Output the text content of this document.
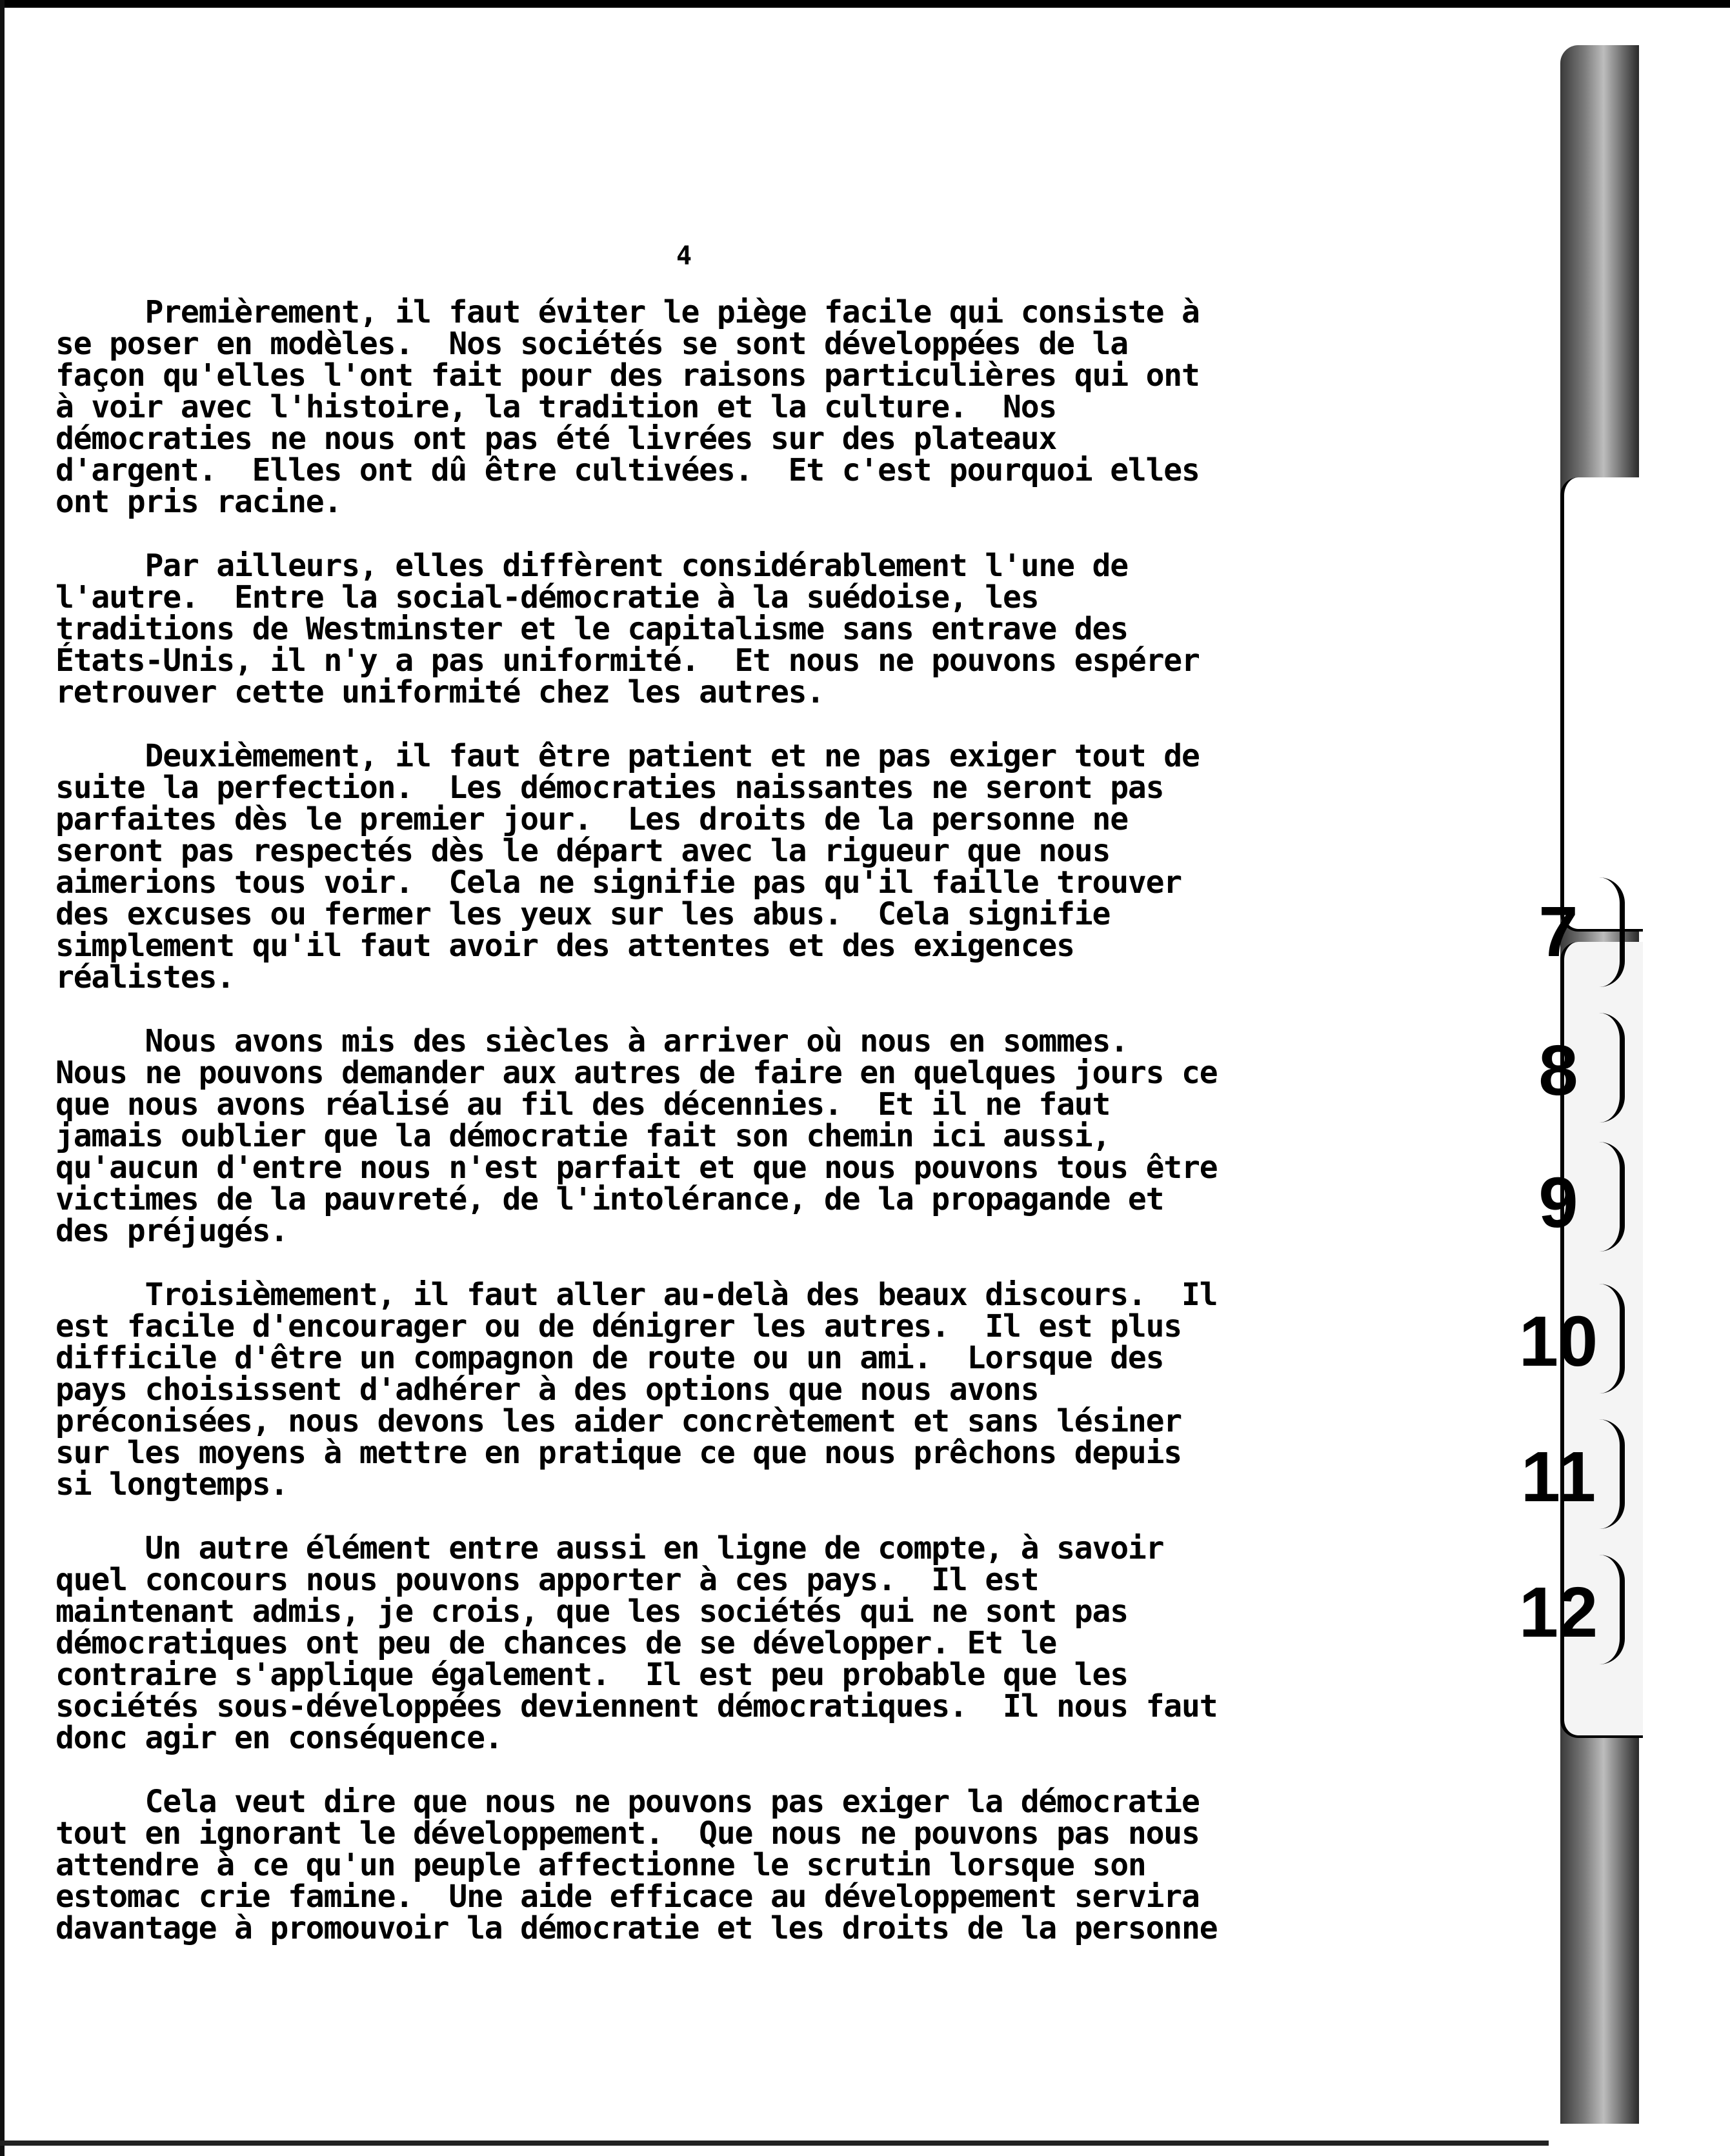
4
Premièrement, il faut éviter le piège facile qui consiste à
se poser en modèles.  Nos sociétés se sont développées de la
façon qu'elles l'ont fait pour des raisons particulières qui ont
à voir avec l'histoire, la tradition et la culture.  Nos
démocraties ne nous ont pas été livrées sur des plateaux
d'argent.  Elles ont dû être cultivées.  Et c'est pourquoi elles
ont pris racine.
Par ailleurs, elles diffèrent considérablement l'une de
l'autre.  Entre la social-démocratie à la suédoise, les
traditions de Westminster et le capitalisme sans entrave des
États-Unis, il n'y a pas uniformité.  Et nous ne pouvons espérer
retrouver cette uniformité chez les autres.
Deuxièmement, il faut être patient et ne pas exiger tout de
suite la perfection.  Les démocraties naissantes ne seront pas
parfaites dès le premier jour.  Les droits de la personne ne
seront pas respectés dès le départ avec la rigueur que nous
aimerions tous voir.  Cela ne signifie pas qu'il faille trouver
des excuses ou fermer les yeux sur les abus.  Cela signifie
simplement qu'il faut avoir des attentes et des exigences
réalistes.
Nous avons mis des siècles à arriver où nous en sommes.
Nous ne pouvons demander aux autres de faire en quelques jours ce
que nous avons réalisé au fil des décennies.  Et il ne faut
jamais oublier que la démocratie fait son chemin ici aussi,
qu'aucun d'entre nous n'est parfait et que nous pouvons tous être
victimes de la pauvreté, de l'intolérance, de la propagande et
des préjugés.
Troisièmement, il faut aller au-delà des beaux discours.  Il
est facile d'encourager ou de dénigrer les autres.  Il est plus
difficile d'être un compagnon de route ou un ami.  Lorsque des
pays choisissent d'adhérer à des options que nous avons
préconisées, nous devons les aider concrètement et sans lésiner
sur les moyens à mettre en pratique ce que nous prêchons depuis
si longtemps.
Un autre élément entre aussi en ligne de compte, à savoir
quel concours nous pouvons apporter à ces pays.  Il est
maintenant admis, je crois, que les sociétés qui ne sont pas
démocratiques ont peu de chances de se développer. Et le
contraire s'applique également.  Il est peu probable que les
sociétés sous-développées deviennent démocratiques.  Il nous faut
donc agir en conséquence.
Cela veut dire que nous ne pouvons pas exiger la démocratie
tout en ignorant le développement.  Que nous ne pouvons pas nous
attendre à ce qu'un peuple affectionne le scrutin lorsque son
estomac crie famine.  Une aide efficace au développement servira
davantage à promouvoir la démocratie et les droits de la personne
7
8
9
10
11
12
